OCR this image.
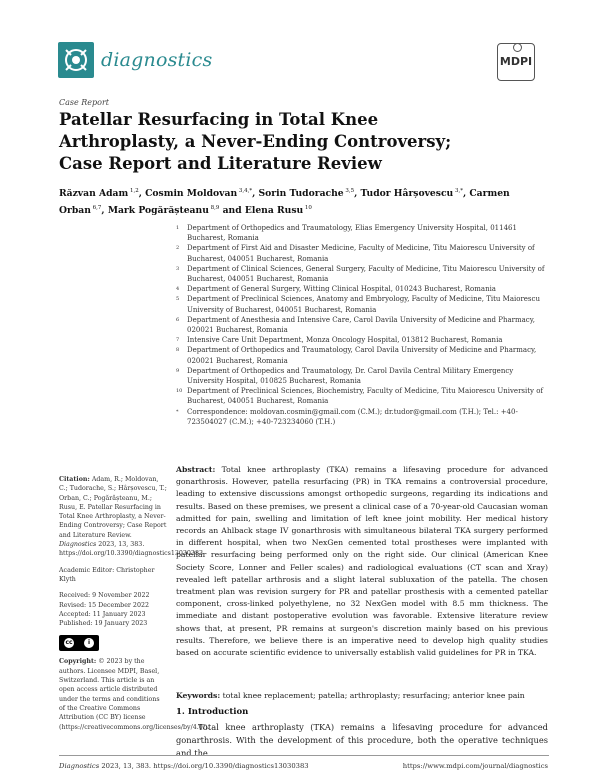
diagnostics	MDPI
Case Report
Patellar Resurfacing in Total Knee Arthroplasty, a Never-Ending Controversy; Case Report and Literature Review
Răzvan Adam $^{1,2}$, Cosmin Moldovan $^{3,4,*}$, Sorin Tudorache $^{3,5}$, Tudor Hârșovescu $^{3,*}$, Carmen Orban $^{6,7}$, Mark Pogărășteanu $^{8,9}$ and Elena Rusu $^{10}$
1 Department of Orthopedics and Traumatology, Elias Emergency University Hospital, 011461 Bucharest, Romania
2 Department of First Aid and Disaster Medicine, Faculty of Medicine, Titu Maiorescu University of Bucharest, 040051 Bucharest, Romania
3 Department of Clinical Sciences, General Surgery, Faculty of Medicine, Titu Maiorescu University of Bucharest, 040051 Bucharest, Romania
4 Department of General Surgery, Witting Clinical Hospital, 010243 Bucharest, Romania
5 Department of Preclinical Sciences, Anatomy and Embryology, Faculty of Medicine, Titu Maiorescu University of Bucharest, 040051 Bucharest, Romania
6 Department of Anesthesia and Intensive Care, Carol Davila University of Medicine and Pharmacy, 020021 Bucharest, Romania
7 Intensive Care Unit Department, Monza Oncology Hospital, 013812 Bucharest, Romania
8 Department of Orthopedics and Traumatology, Carol Davila University of Medicine and Pharmacy, 020021 Bucharest, Romania
9 Department of Orthopedics and Traumatology, Dr. Carol Davila Central Military Emergency University Hospital, 010825 Bucharest, Romania
10 Department of Preclinical Sciences, Biochemistry, Faculty of Medicine, Titu Maiorescu University of Bucharest, 040051 Bucharest, Romania
* Correspondence: moldovan.cosmin@gmail.com (C.M.); dr.tudor@gmail.com (T.H.); Tel.: +40-723504027 (C.M.); +40-723234060 (T.H.)

Citation: Adam, R.; Moldovan, C.; Tudorache, S.; Hârșovescu, T.; Orban, C.; Pogărășteanu, M.; Rusu, E. Patellar Resurfacing in Total Knee Arthroplasty, a Never-Ending Controversy; Case Report and Literature Review. Diagnostics 2023, 13, 383. https://doi.org/10.3390/diagnostics13030383

Academic Editor: Christopher Klyth

Received: 9 November 2022
Revised: 15 December 2022
Accepted: 11 January 2023
Published: 19 January 2023

cc	i

Copyright: © 2023 by the authors. Licensee MDPI, Basel, Switzerland. This article is an open access article distributed under the terms and conditions of the Creative Commons Attribution (CC BY) license (https://creativecommons.org/licenses/by/4.0/).

Abstract: Total knee arthroplasty (TKA) remains a lifesaving procedure for advanced gonarthrosis. However, patella resurfacing (PR) in TKA remains a controversial procedure, leading to extensive discussions amongst orthopedic surgeons, regarding its indications and results. Based on these premises, we present a clinical case of a 70-year-old Caucasian woman admitted for pain, swelling and limitation of left knee joint mobility. Her medical history records an Ahlback stage IV gonarthrosis with simultaneous bilateral TKA surgery performed in different hospital, when two NexGen cemented total prostheses were implanted with patellar resurfacing being performed only on the right side. Our clinical (American Knee Society Score, Lonner and Feller scales) and radiological evaluations (CT scan and Xray) revealed left patellar arthrosis and a slight lateral subluxation of the patella. The chosen treatment plan was revision surgery for PR and patellar prosthesis with a cemented patellar component, cross-linked polyethylene, no 32 NexGen model with 8.5 mm thickness. The immediate and distant postoperative evolution was favorable. Extensive literature review shows that, at present, PR remains at surgeon's discretion mainly based on his previous results. Therefore, we believe there is an imperative need to develop high quality studies based on accurate scientific evidence to universally establish valid guidelines for PR in TKA.
Keywords: total knee replacement; patella; arthroplasty; resurfacing; anterior knee pain
1. Introduction
Total knee arthroplasty (TKA) remains a lifesaving procedure for advanced gonarthrosis. With the development of this procedure, both the operative techniques and the
Diagnostics 2023, 13, 383. https://doi.org/10.3390/diagnostics13030383	https://www.mdpi.com/journal/diagnostics
